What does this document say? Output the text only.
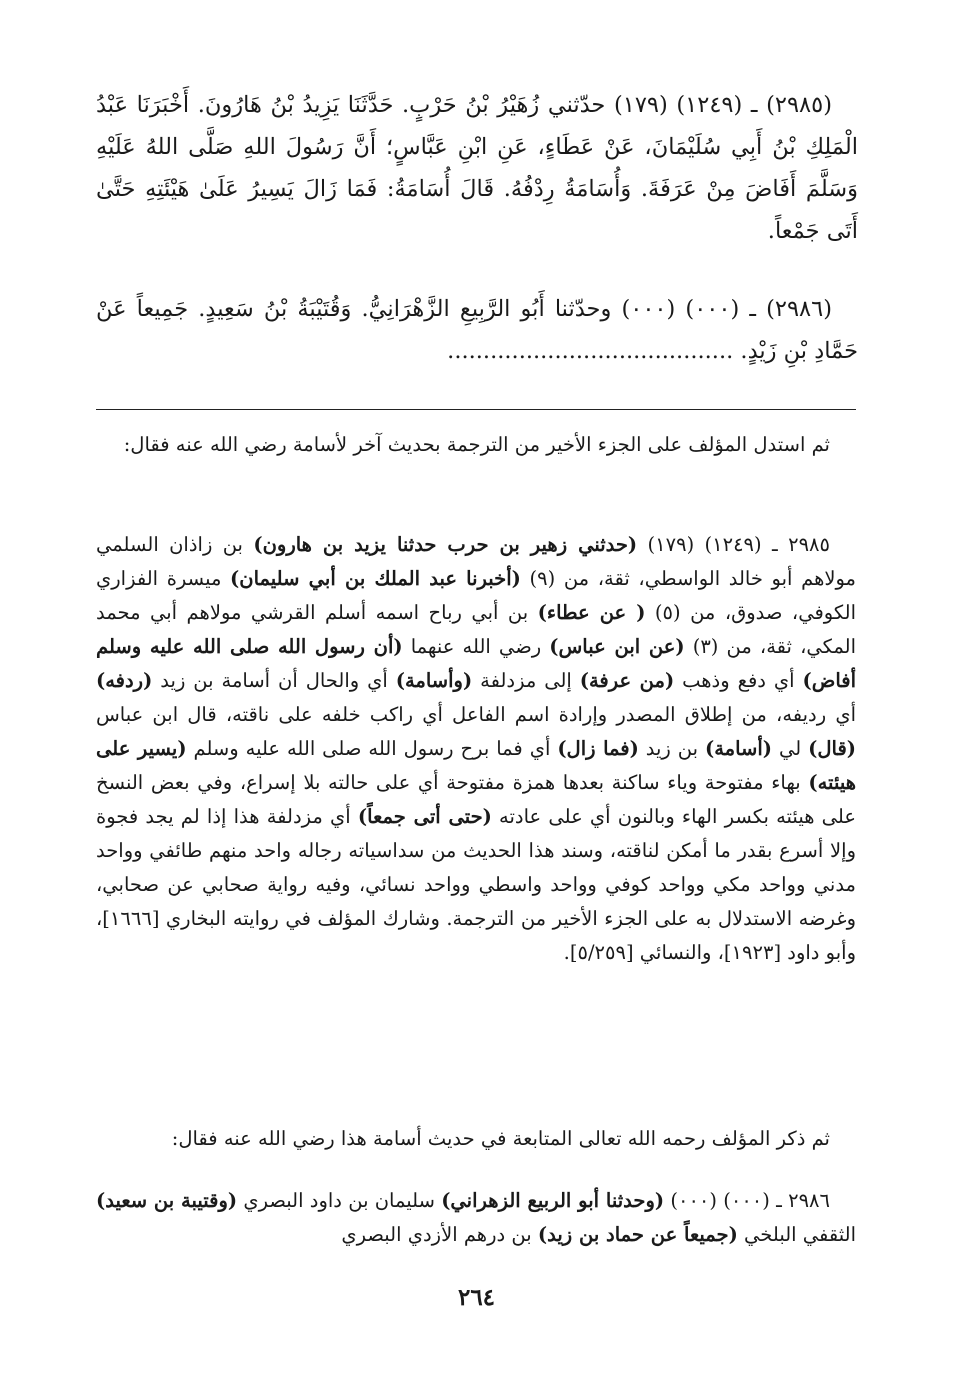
(٢٩٨٥) ـ (١٢٤٩) (١٧٩) حدّثني زُهَيْرُ بْنُ حَرْبٍ. حَدَّثَنَا يَزِيدُ بْنُ هَارُونَ. أَخْبَرَنَا عَبْدُ الْمَلِكِ بْنُ أَبِي سُلَيْمَانَ، عَنْ عَطَاءٍ، عَنِ ابْنِ عَبَّاسٍ؛ أَنَّ رَسُولَ اللهِ صَلَّى اللهُ عَلَيْهِ وَسَلَّمَ أَفَاضَ مِنْ عَرَفَةَ. وَأُسَامَةُ رِدْفُهُ. قَالَ أُسَامَةُ: فَمَا زَالَ يَسِيرُ عَلَىٰ هَيْئَتِهِ حَتَّىٰ أَتَى جَمْعاً.

(٢٩٨٦) ـ (٠٠٠) (٠٠٠) وحدّثنا أَبُو الرَّبِيعِ الزَّهْرَانِيُّ. وَقُتَيْبَةُ بْنُ سَعِيدٍ. جَمِيعاً عَنْ حَمَّادِ بْنِ زَيْدٍ. ........................................

ثم استدل المؤلف على الجزء الأخير من الترجمة بحديث آخر لأسامة رضي الله عنه فقال:

٢٩٨٥ ـ (١٢٤٩) (١٧٩) (حدثني زهير بن حرب حدثنا يزيد بن هارون) بن زاذان السلمي مولاهم أبو خالد الواسطي، ثقة، من (٩) (أخبرنا عبد الملك بن أبي سليمان) ميسرة الفزاري الكوفي، صدوق، من (٥) ( عن عطاء) بن أبي رباح اسمه أسلم القرشي مولاهم أبي محمد المكي، ثقة، من (٣) (عن ابن عباس) رضي الله عنهما (أن رسول الله صلى الله عليه وسلم أفاض) أي دفع وذهب (من عرفة) إلى مزدلفة (وأسامة) أي والحال أن أسامة بن زيد (ردفه) أي رديفه، من إطلاق المصدر وإرادة اسم الفاعل أي راكب خلفه على ناقته، قال ابن عباس (قال) لي (أسامة) بن زيد (فما زال) أي فما برح رسول الله صلى الله عليه وسلم (يسير على هيئته) بهاء مفتوحة وياء ساكنة بعدها همزة مفتوحة أي على حالته بلا إسراع، وفي بعض النسخ على هيئته بكسر الهاء وبالنون أي على عادته (حتى أتى جمعاً) أي مزدلفة هذا إذا لم يجد فجوة وإلا أسرع بقدر ما أمكن لناقته، وسند هذا الحديث من سداسياته رجاله واحد منهم طائفي وواحد مدني وواحد مكي وواحد كوفي وواحد واسطي وواحد نسائي، وفيه رواية صحابي عن صحابي، وغرضه الاستدلال به على الجزء الأخير من الترجمة. وشارك المؤلف في روايته البخاري [١٦٦٦]، وأبو داود [١٩٢٣]، والنسائي [٥/٢٥٩].

ثم ذكر المؤلف رحمه الله تعالى المتابعة في حديث أسامة هذا رضي الله عنه فقال:

٢٩٨٦ ـ (٠٠٠) (٠٠٠) (وحدثنا أبو الربيع الزهراني) سليمان بن داود البصري (وقتيبة بن سعيد) الثقفي البلخي (جميعاً عن حماد بن زيد) بن درهم الأزدي البصري

٢٦٤
